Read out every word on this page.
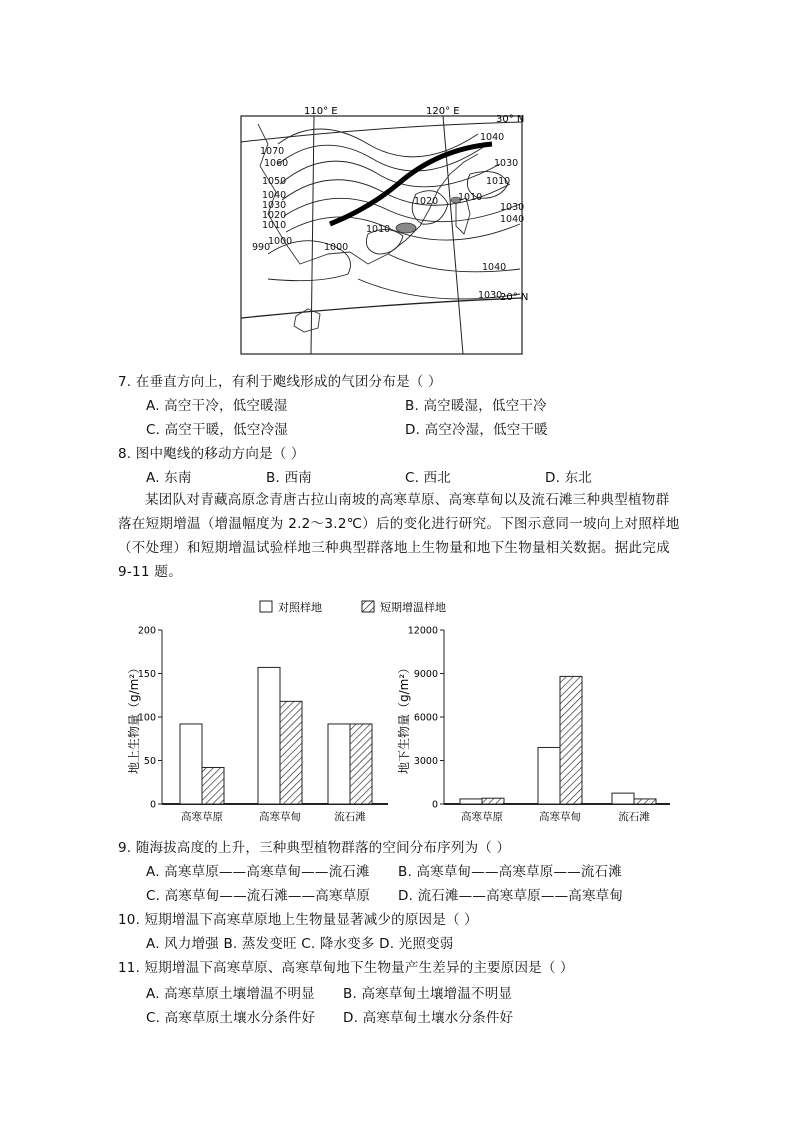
110° E	120° E
30° N
20° N
1070
1060
1050
1040
1030
1020
1010
1000
990	1000
1010
1020
1010
1040
1030
1010
1030
1040
1040
1030
7. 在垂直方向上，有利于飑线形成的气团分布是（ ）
A. 高空干冷，低空暖湿	B. 高空暖湿，低空干冷
C. 高空干暖，低空冷湿	D. 高空冷湿，低空干暖
8. 图中飑线的移动方向是（ ）
A. 东南	B. 西南	C. 西北	D. 东北
某团队对青藏高原念青唐古拉山南坡的高寒草原、高寒草甸以及流石滩三种典型植物群落在短期增温（增温幅度为 2.2～3.2℃）后的变化进行研究。下图示意同一坡向上对照样地（不处理）和短期增温试验样地三种典型群落地上生物量和地下生物量相关数据。据此完成 9-11 题。
对照样地	短期增温样地
0
50
100
150
200
高寒草原	高寒草甸	流石滩
地上生物量（g/m²）
0
3000
6000
9000
12000
高寒草原	高寒草甸	流石滩
地下生物量（g/m²）
9. 随海拔高度的上升，三种典型植物群落的空间分布序列为（ ）
A. 高寒草原——高寒草甸——流石滩 B. 高寒草甸——高寒草原——流石滩
C. 高寒草甸——流石滩——高寒草原 D. 流石滩——高寒草原——高寒草甸
10. 短期增温下高寒草原地上生物量显著减少的原因是（ ）
A. 风力增强 B. 蒸发变旺 C. 降水变多 D. 光照变弱
11. 短期增温下高寒草原、高寒草甸地下生物量产生差异的主要原因是（ ）
A. 高寒草原土壤增温不明显 B. 高寒草甸土壤增温不明显
C. 高寒草原土壤水分条件好 D. 高寒草甸土壤水分条件好
